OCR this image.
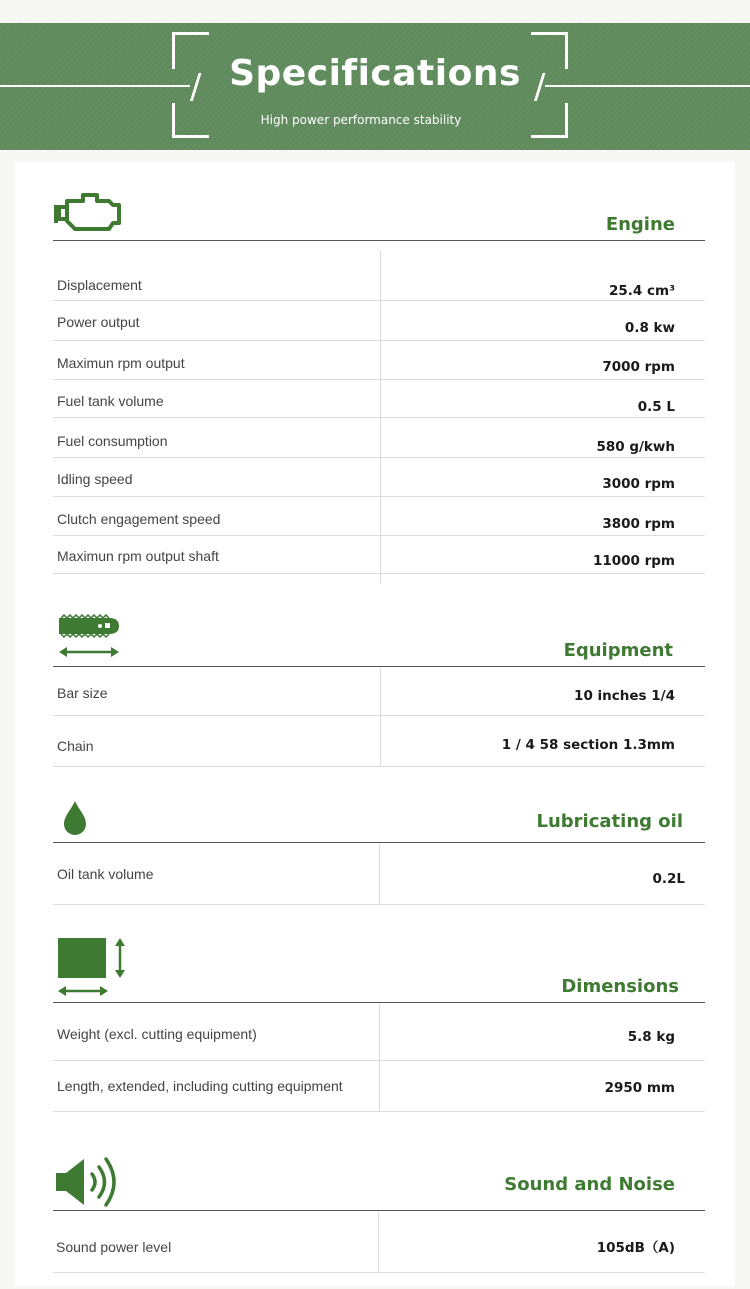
/	/
Specifications
High power performance stability
Engine
Displacement	25.4 cm³
Power output	0.8 kw
Maximun rpm output	7000 rpm
Fuel tank volume	0.5 L
Fuel consumption	580 g/kwh
Idling speed	3000 rpm
Clutch engagement speed	3800 rpm
Maximun rpm output shaft	11000 rpm
Equipment
Bar size	10 inches 1/4
Chain	1 / 4 58 section 1.3mm
Lubricating oil
Oil tank volume	0.2L
Dimensions
Weight (excl. cutting equipment)	5.8 kg
Length, extended, including cutting equipment	2950 mm
Sound and Noise
Sound power level	105dB（A)
